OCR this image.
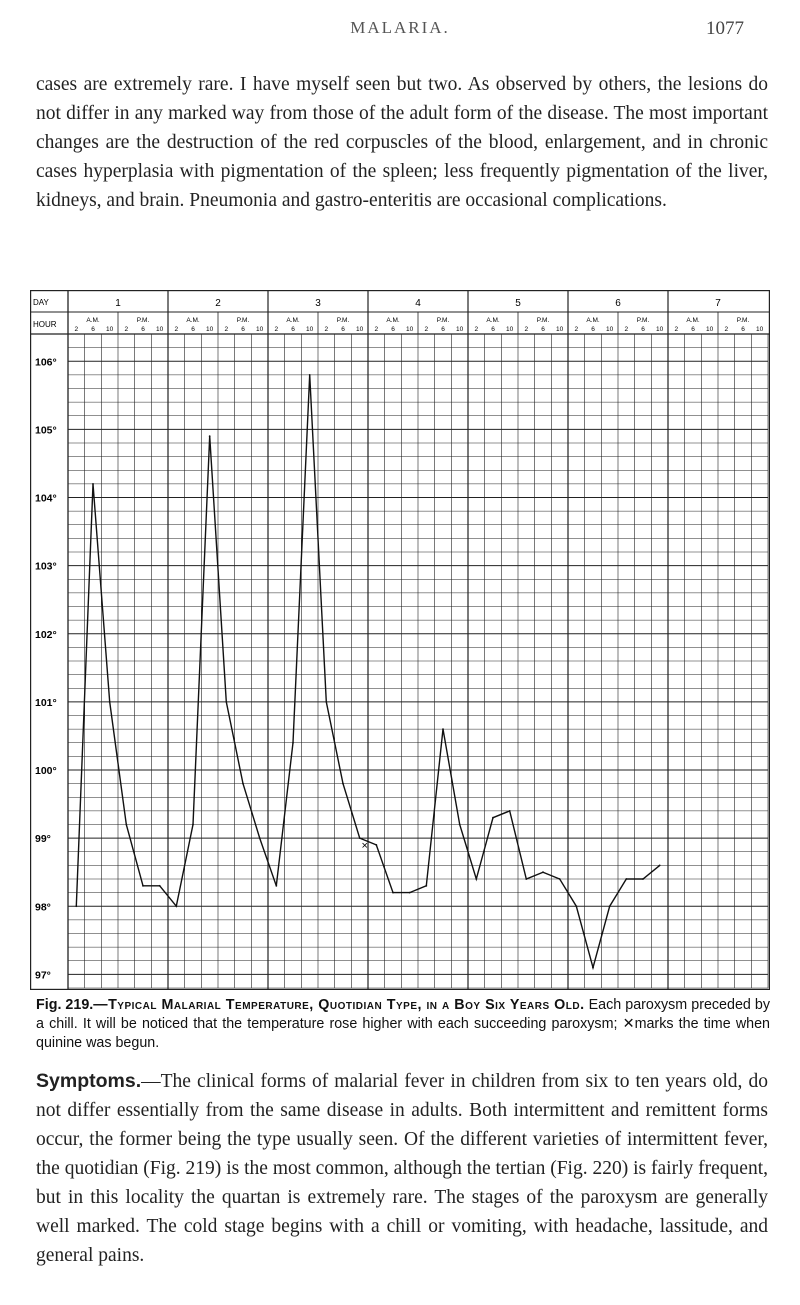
MALARIA.	1077

cases are extremely rare. I have myself seen but two. As observed by others, the lesions do not differ in any marked way from those of the adult form of the disease. The most important changes are the destruction of the red corpuscles of the blood, enlargement, and in chronic cases hyperplasia with pigmentation of the spleen; less frequently pigmentation of the liver, kidneys, and brain. Pneumonia and gastro-enteritis are occasional complications.

DAY
HOUR
1
A.M.
2 6 10
P.M.
2 6 10
2
A.M.
2 6 10
P.M.
2 6 10
3
A.M.
2 6 10
P.M.
2 6 10
4
A.M.
2 6 10
P.M.
2 6 10
5
A.M.
2 6 10
P.M.
2 6 10
6
A.M.
2 6 10
P.M.
2 6 10
7
A.M.
2 6 10
P.M.
2 6 10
106°
105°
104°
103°
102°
101°
100°
99°
98°
97°
×

Fig. 219.—Typical Malarial Temperature, Quotidian Type, in a Boy Six Years Old. Each paroxysm preceded by a chill. It will be noticed that the temperature rose higher with each succeeding paroxysm; ✕marks the time when quinine was begun.

Symptoms.—The clinical forms of malarial fever in children from six to ten years old, do not differ essentially from the same disease in adults. Both intermittent and remittent forms occur, the former being the type usually seen. Of the different varieties of intermittent fever, the quotidian (Fig. 219) is the most common, although the tertian (Fig. 220) is fairly frequent, but in this locality the quartan is extremely rare. The stages of the paroxysm are generally well marked. The cold stage begins with a chill or vomiting, with headache, lassitude, and general pains.
